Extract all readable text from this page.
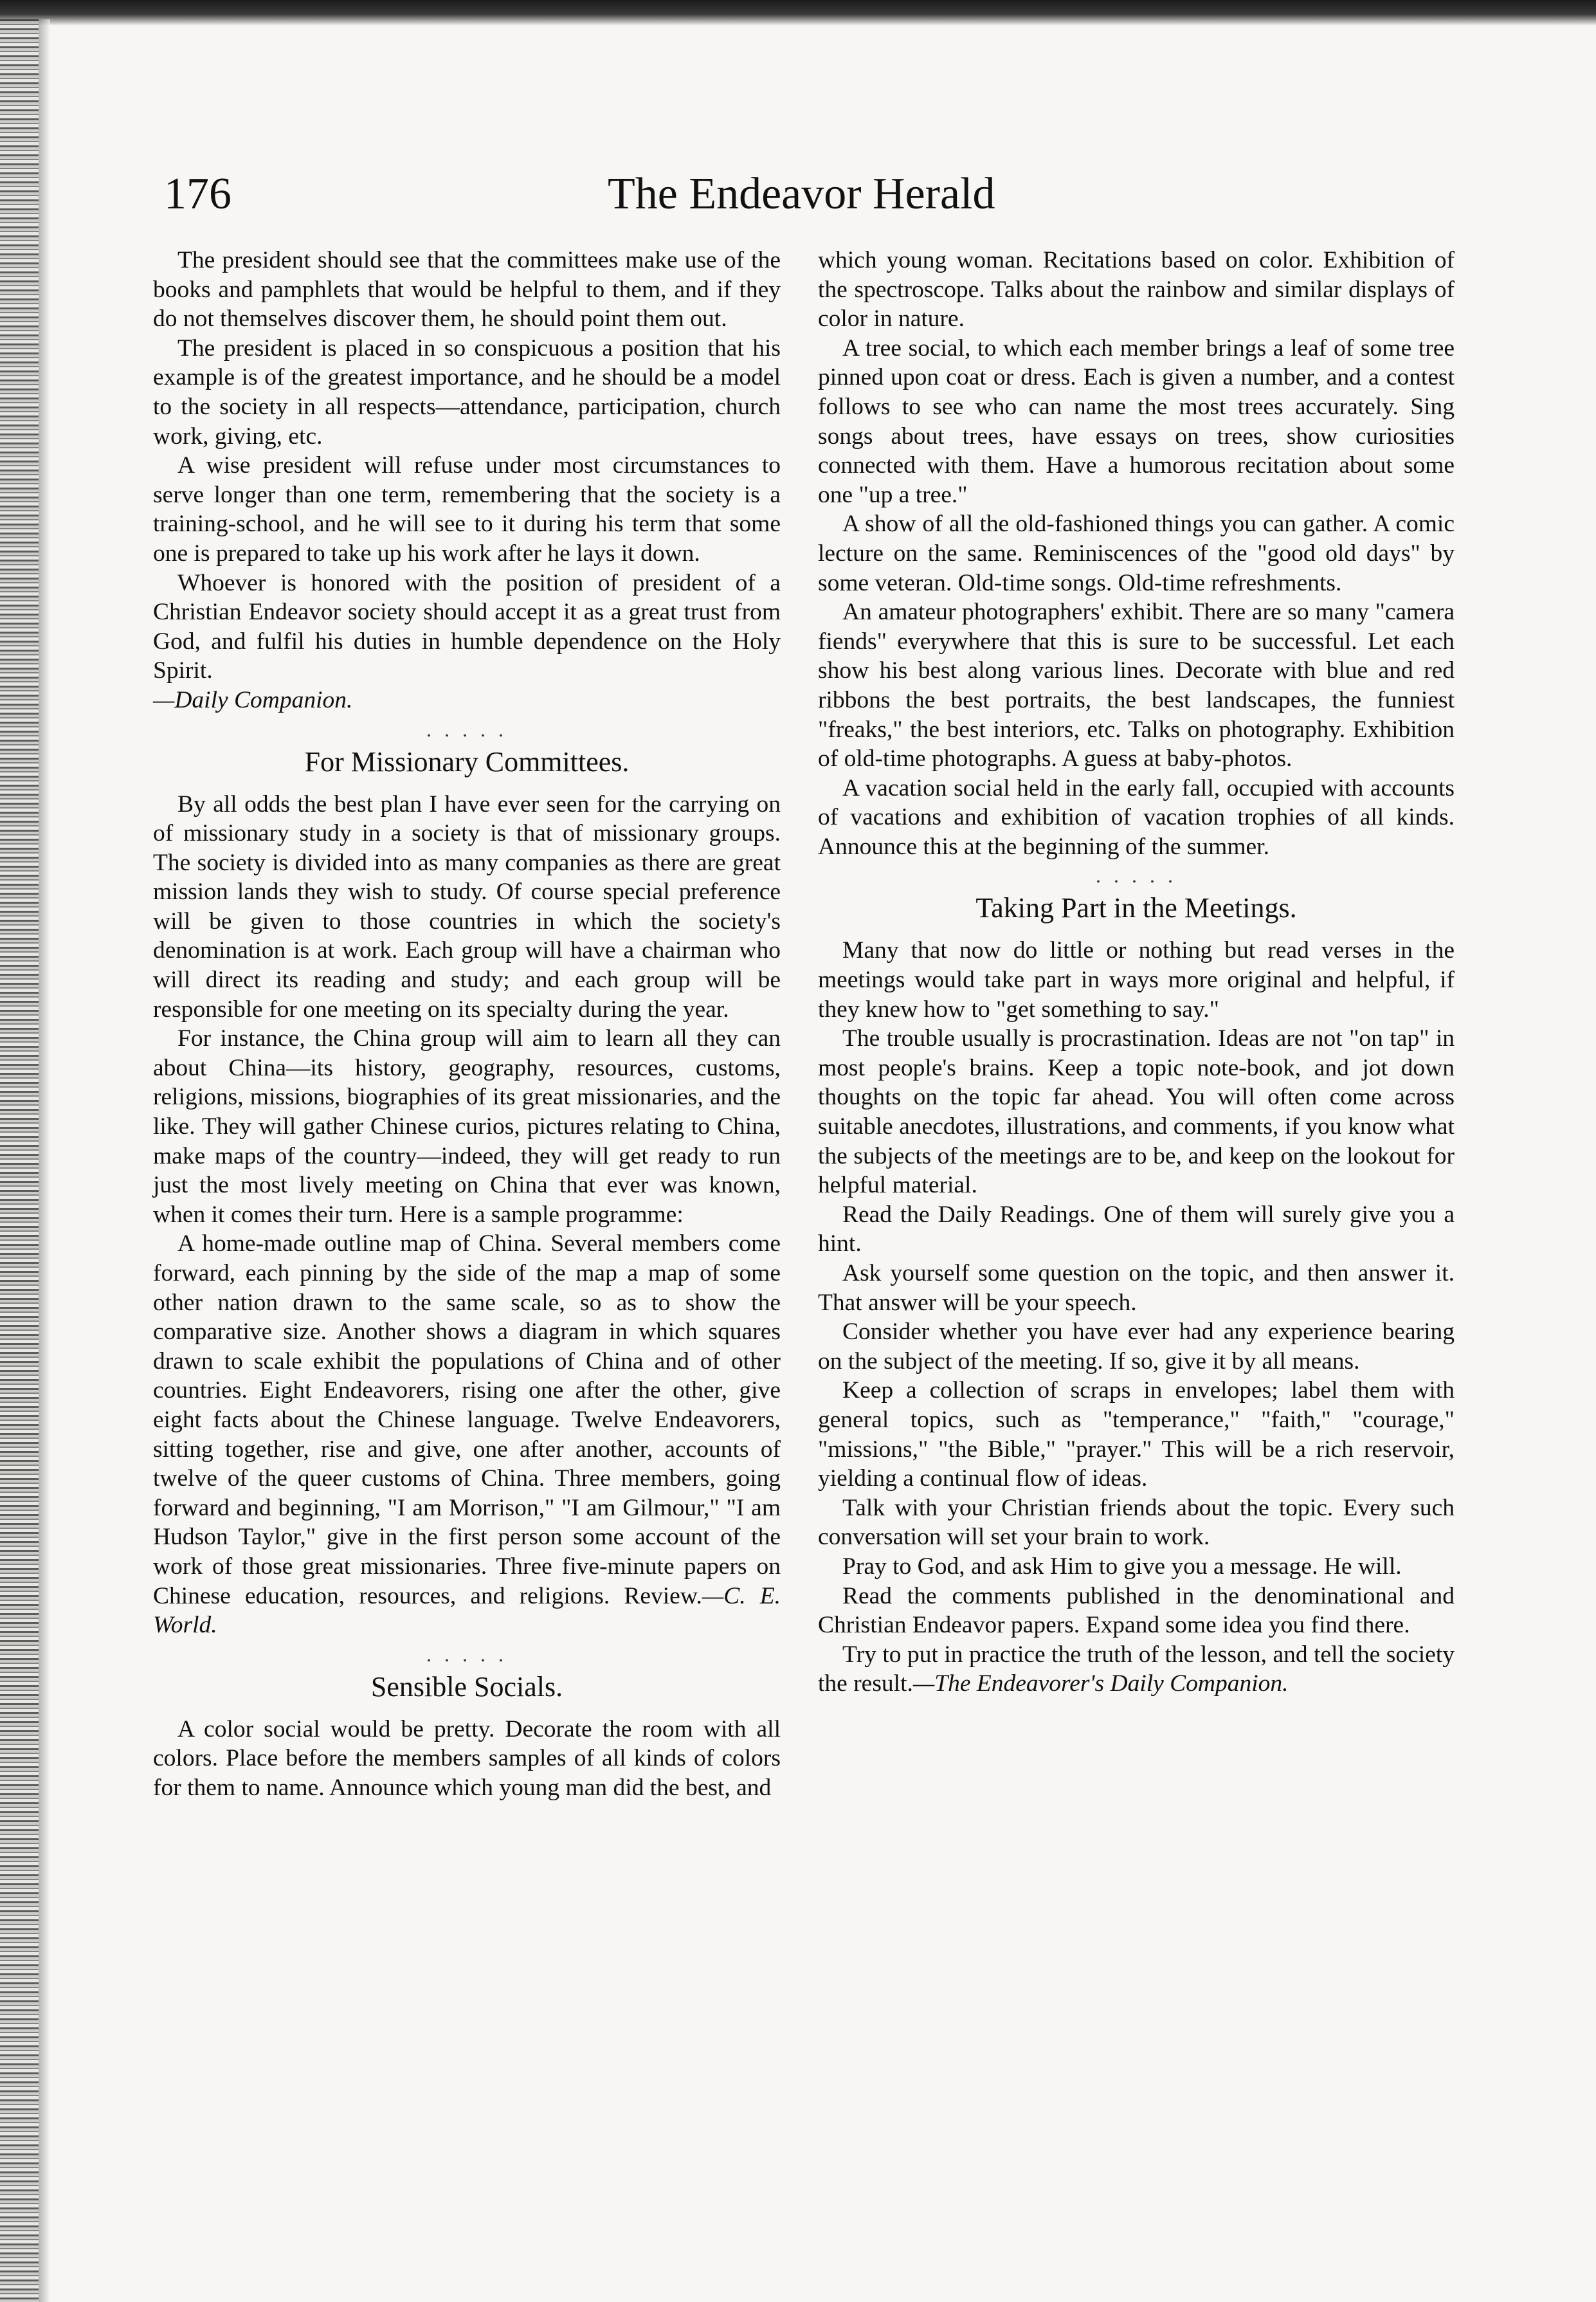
176	The Endeavor Herald

The president should see that the committees make use of the books and pamphlets that would be helpful to them, and if they do not themselves discover them, he should point them out.

The president is placed in so conspicuous a position that his example is of the greatest importance, and he should be a model to the society in all respects—attendance, participation, church work, giving, etc.

A wise president will refuse under most circumstances to serve longer than one term, remembering that the society is a training-school, and he will see to it during his term that some one is prepared to take up his work after he lays it down.

Whoever is honored with the position of president of a Christian Endeavor society should accept it as a great trust from God, and fulfil his duties in humble dependence on the Holy Spirit.

—Daily Companion.

. . . . .
For Missionary Committees.

By all odds the best plan I have ever seen for the carrying on of missionary study in a society is that of missionary groups. The society is divided into as many companies as there are great mission lands they wish to study. Of course special preference will be given to those countries in which the society's denomination is at work. Each group will have a chairman who will direct its reading and study; and each group will be responsible for one meeting on its specialty during the year.

For instance, the China group will aim to learn all they can about China—its history, geography, resources, customs, religions, missions, biographies of its great missionaries, and the like. They will gather Chinese curios, pictures relating to China, make maps of the country—indeed, they will get ready to run just the most lively meeting on China that ever was known, when it comes their turn. Here is a sample programme:

A home-made outline map of China. Several members come forward, each pinning by the side of the map a map of some other nation drawn to the same scale, so as to show the comparative size. Another shows a diagram in which squares drawn to scale exhibit the populations of China and of other countries. Eight Endeavorers, rising one after the other, give eight facts about the Chinese language. Twelve Endeavorers, sitting together, rise and give, one after another, accounts of twelve of the queer customs of China. Three members, going forward and beginning, "I am Morrison," "I am Gilmour," "I am Hudson Taylor," give in the first person some account of the work of those great missionaries. Three five-minute papers on Chinese education, resources, and religions. Review.—C. E. World.

. . . . .
Sensible Socials.

A color social would be pretty. Decorate the room with all colors. Place before the members samples of all kinds of colors for them to name. Announce which young man did the best, and

which young woman. Recitations based on color. Exhibition of the spectroscope. Talks about the rainbow and similar displays of color in nature.

A tree social, to which each member brings a leaf of some tree pinned upon coat or dress. Each is given a number, and a contest follows to see who can name the most trees accurately. Sing songs about trees, have essays on trees, show curiosities connected with them. Have a humorous recitation about some one "up a tree."

A show of all the old-fashioned things you can gather. A comic lecture on the same. Reminiscences of the "good old days" by some veteran. Old-time songs. Old-time refreshments.

An amateur photographers' exhibit. There are so many "camera fiends" everywhere that this is sure to be successful. Let each show his best along various lines. Decorate with blue and red ribbons the best portraits, the best landscapes, the funniest "freaks," the best interiors, etc. Talks on photography. Exhibition of old-time photographs. A guess at baby-photos.

A vacation social held in the early fall, occupied with accounts of vacations and exhibition of vacation trophies of all kinds. Announce this at the beginning of the summer.

. . . . .
Taking Part in the Meetings.

Many that now do little or nothing but read verses in the meetings would take part in ways more original and helpful, if they knew how to "get something to say."

The trouble usually is procrastination. Ideas are not "on tap" in most people's brains. Keep a topic note-book, and jot down thoughts on the topic far ahead. You will often come across suitable anecdotes, illustrations, and comments, if you know what the subjects of the meetings are to be, and keep on the lookout for helpful material.

Read the Daily Readings. One of them will surely give you a hint.

Ask yourself some question on the topic, and then answer it. That answer will be your speech.

Consider whether you have ever had any experience bearing on the subject of the meeting. If so, give it by all means.

Keep a collection of scraps in envelopes; label them with general topics, such as "temperance," "faith," "courage," "missions," "the Bible," "prayer." This will be a rich reservoir, yielding a continual flow of ideas.

Talk with your Christian friends about the topic. Every such conversation will set your brain to work.

Pray to God, and ask Him to give you a message. He will.

Read the comments published in the denominational and Christian Endeavor papers. Expand some idea you find there.

Try to put in practice the truth of the lesson, and tell the society the result.—The Endeavorer's Daily Companion.
